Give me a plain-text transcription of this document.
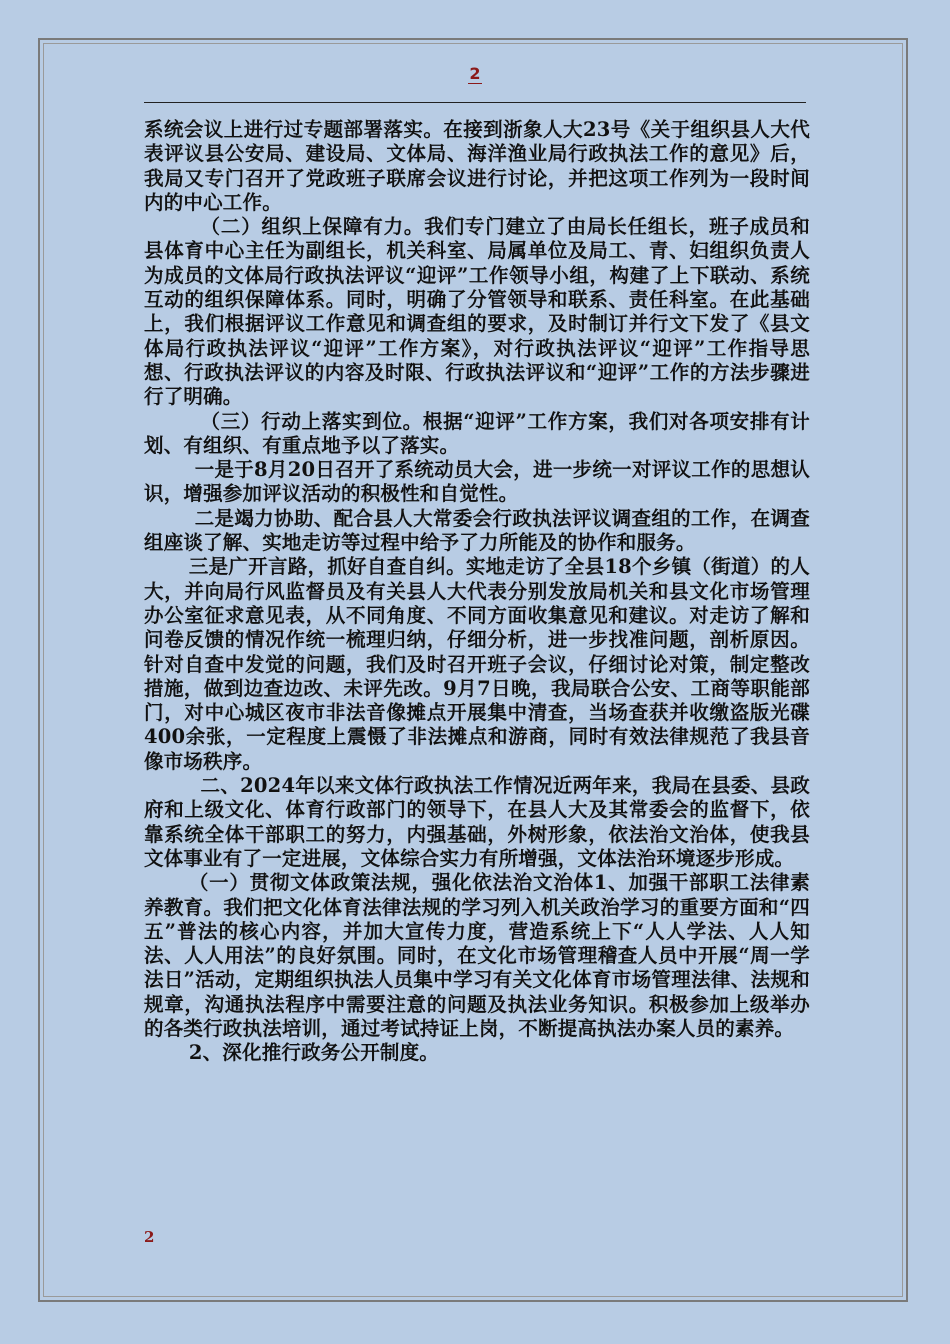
2

系统会议上进行过专题部署落实。在接到浙象人大23号《关于组织县人大代表评议县公安局、建设局、文体局、海洋渔业局行政执法工作的意见》后，我局又专门召开了党政班子联席会议进行讨论，并把这项工作列为一段时间内的中心工作。

（二）组织上保障有力。我们专门建立了由局长任组长，班子成员和县体育中心主任为副组长，机关科室、局属单位及局工、青、妇组织负责人为成员的文体局行政执法评议“迎评”工作领导小组，构建了上下联动、系统互动的组织保障体系。同时，明确了分管领导和联系、责任科室。在此基础上，我们根据评议工作意见和调查组的要求，及时制订并行文下发了《县文体局行政执法评议“迎评”工作方案》，对行政执法评议“迎评”工作指导思想、行政执法评议的内容及时限、行政执法评议和“迎评”工作的方法步骤进行了明确。

（三）行动上落实到位。根据“迎评”工作方案，我们对各项安排有计划、有组织、有重点地予以了落实。

一是于8月20日召开了系统动员大会，进一步统一对评议工作的思想认识，增强参加评议活动的积极性和自觉性。

二是竭力协助、配合县人大常委会行政执法评议调查组的工作，在调查组座谈了解、实地走访等过程中给予了力所能及的协作和服务。

三是广开言路，抓好自查自纠。实地走访了全县18个乡镇（街道）的人大，并向局行风监督员及有关县人大代表分别发放局机关和县文化市场管理办公室征求意见表，从不同角度、不同方面收集意见和建议。对走访了解和问卷反馈的情况作统一梳理归纳，仔细分析，进一步找准问题，剖析原因。针对自查中发觉的问题，我们及时召开班子会议，仔细讨论对策，制定整改措施，做到边查边改、未评先改。9月7日晚，我局联合公安、工商等职能部门，对中心城区夜市非法音像摊点开展集中清查，当场查获并收缴盗版光碟400余张，一定程度上震慑了非法摊点和游商，同时有效法律规范了我县音像市场秩序。

二、2024年以来文体行政执法工作情况近两年来，我局在县委、县政府和上级文化、体育行政部门的领导下，在县人大及其常委会的监督下，依靠系统全体干部职工的努力，内强基础，外树形象，依法治文治体，使我县文体事业有了一定进展，文体综合实力有所增强，文体法治环境逐步形成。

（一）贯彻文体政策法规，强化依法治文治体1、加强干部职工法律素养教育。我们把文化体育法律法规的学习列入机关政治学习的重要方面和“四五”普法的核心内容，并加大宣传力度，营造系统上下“人人学法、人人知法、人人用法”的良好氛围。同时，在文化市场管理稽查人员中开展“周一学法日”活动，定期组织执法人员集中学习有关文化体育市场管理法律、法规和规章，沟通执法程序中需要注意的问题及执法业务知识。积极参加上级举办的各类行政执法培训，通过考试持证上岗，不断提高执法办案人员的素养。

2、深化推行政务公开制度。

2
